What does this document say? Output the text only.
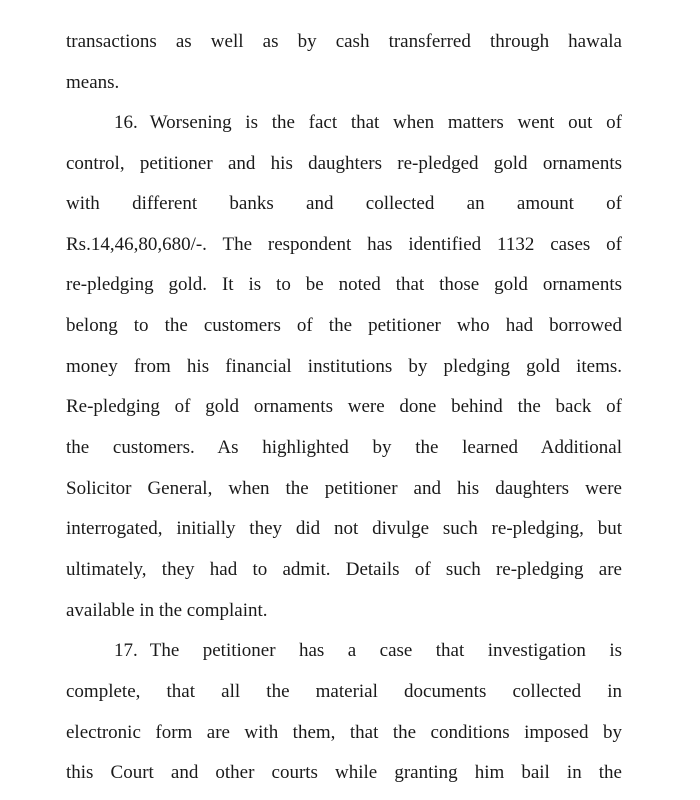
transactions as well as by cash transferred through hawala
means.
16. Worsening is the fact that when matters went out of
control, petitioner and his daughters re-pledged gold ornaments
with different banks and collected an amount of
Rs.14,46,80,680/-. The respondent has identified 1132 cases of
re-pledging gold. It is to be noted that those gold ornaments
belong to the customers of the petitioner who had borrowed
money from his financial institutions by pledging gold items.
Re-pledging of gold ornaments were done behind the back of
the customers. As highlighted by the learned Additional
Solicitor General, when the petitioner and his daughters were
interrogated, initially they did not divulge such re-pledging, but
ultimately, they had to admit. Details of such re-pledging are
available in the complaint.
17. The petitioner has a case that investigation is
complete, that all the material documents collected in
electronic form are with them, that the conditions imposed by
this Court and other courts while granting him bail in the
